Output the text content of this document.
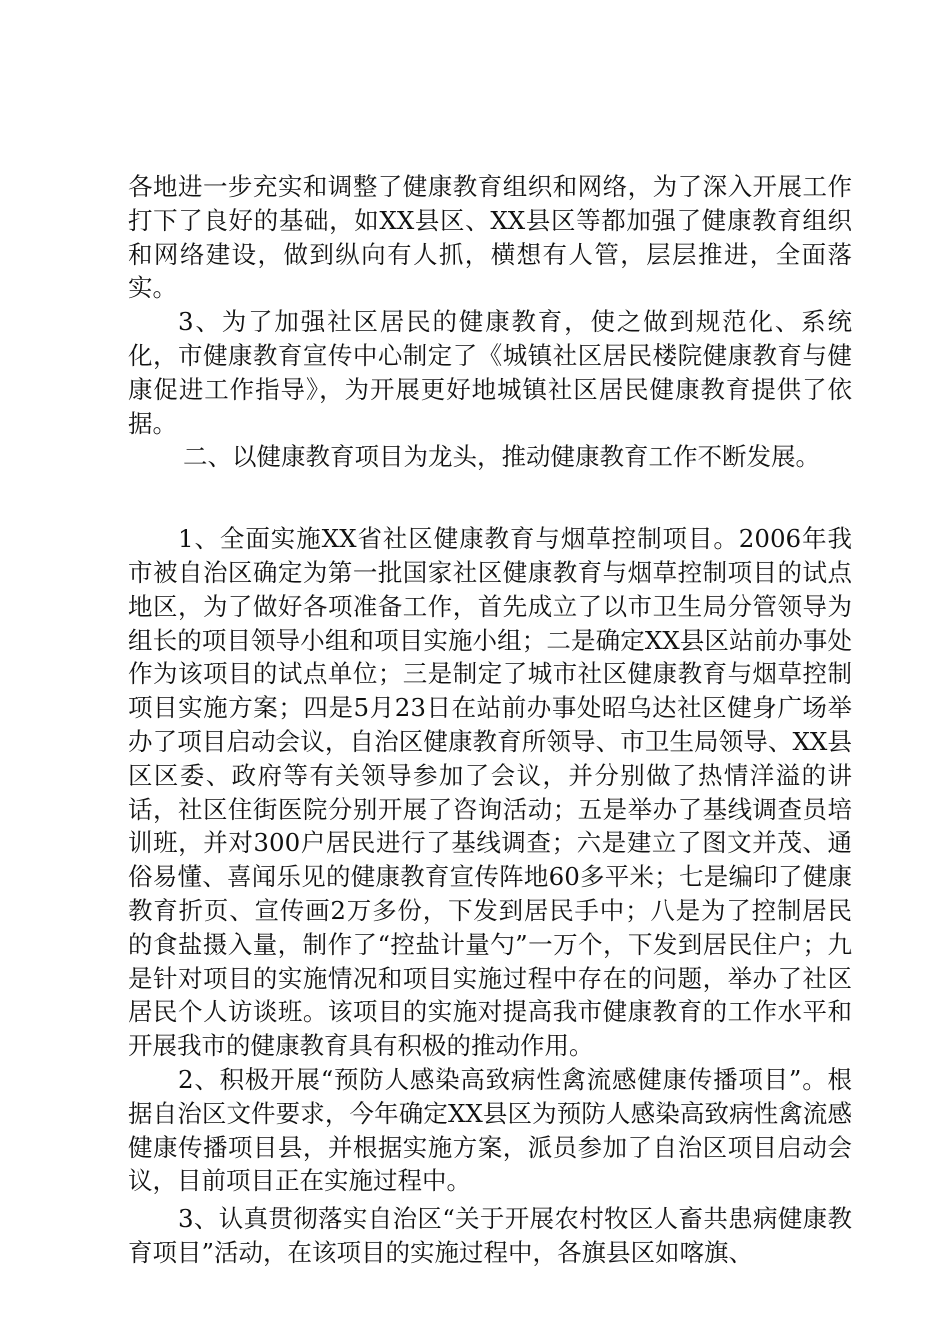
各地进一步充实和调整了健康教育组织和网络，为了深入开展工作打下了良好的基础，如XX县区、XX县区等都加强了健康教育组织和网络建设，做到纵向有人抓，横想有人管，层层推进，全面落实。

3、为了加强社区居民的健康教育，使之做到规范化、系统化，市健康教育宣传中心制定了《城镇社区居民楼院健康教育与健康促进工作指导》，为开展更好地城镇社区居民健康教育提供了依据。

二、以健康教育项目为龙头，推动健康教育工作不断发展。

1、全面实施XX省社区健康教育与烟草控制项目。2006年我市被自治区确定为第一批国家社区健康教育与烟草控制项目的试点地区，为了做好各项准备工作，首先成立了以市卫生局分管领导为组长的项目领导小组和项目实施小组；二是确定XX县区站前办事处作为该项目的试点单位；三是制定了城市社区健康教育与烟草控制项目实施方案；四是5月23日在站前办事处昭乌达社区健身广场举办了项目启动会议，自治区健康教育所领导、市卫生局领导、XX县区区委、政府等有关领导参加了会议，并分别做了热情洋溢的讲话，社区住街医院分别开展了咨询活动；五是举办了基线调查员培训班，并对300户居民进行了基线调查；六是建立了图文并茂、通俗易懂、喜闻乐见的健康教育宣传阵地60多平米；七是编印了健康教育折页、宣传画2万多份，下发到居民手中；八是为了控制居民的食盐摄入量，制作了“控盐计量勺”一万个，下发到居民住户；九是针对项目的实施情况和项目实施过程中存在的问题，举办了社区居民个人访谈班。该项目的实施对提高我市健康教育的工作水平和开展我市的健康教育具有积极的推动作用。

2、积极开展“预防人感染高致病性禽流感健康传播项目”。根据自治区文件要求，今年确定XX县区为预防人感染高致病性禽流感健康传播项目县，并根据实施方案，派员参加了自治区项目启动会议，目前项目正在实施过程中。

3、认真贯彻落实自治区“关于开展农村牧区人畜共患病健康教育项目”活动，在该项目的实施过程中，各旗县区如喀旗、
